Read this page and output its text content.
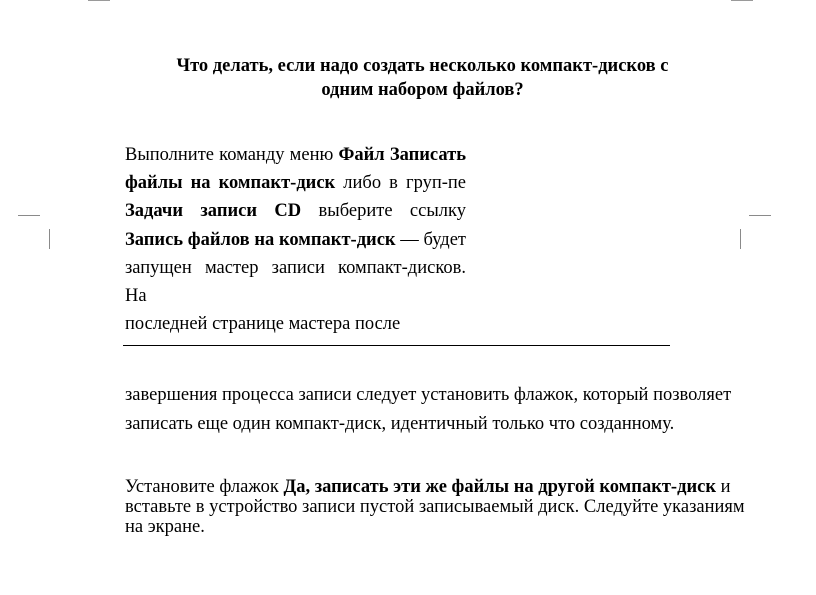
Что делать, если надо создать несколько компакт-дисков с
одним набором файлов?
Выполните команду меню Файл Записать файлы на компакт-диск либо в груп-пе Задачи записи CD выберите ссылку Запись файлов на компакт-диск — будет запущен мастер записи компакт-дисков. На
последней странице мастера после
завершения процесса записи следует установить флажок, который позволяет
записать еще один компакт-диск, идентичный только что созданному.
Установите флажок Да, записать эти же файлы на другой компакт-диск и
вставьте в устройство записи пустой записываемый диск. Следуйте указаниям
на экране.
